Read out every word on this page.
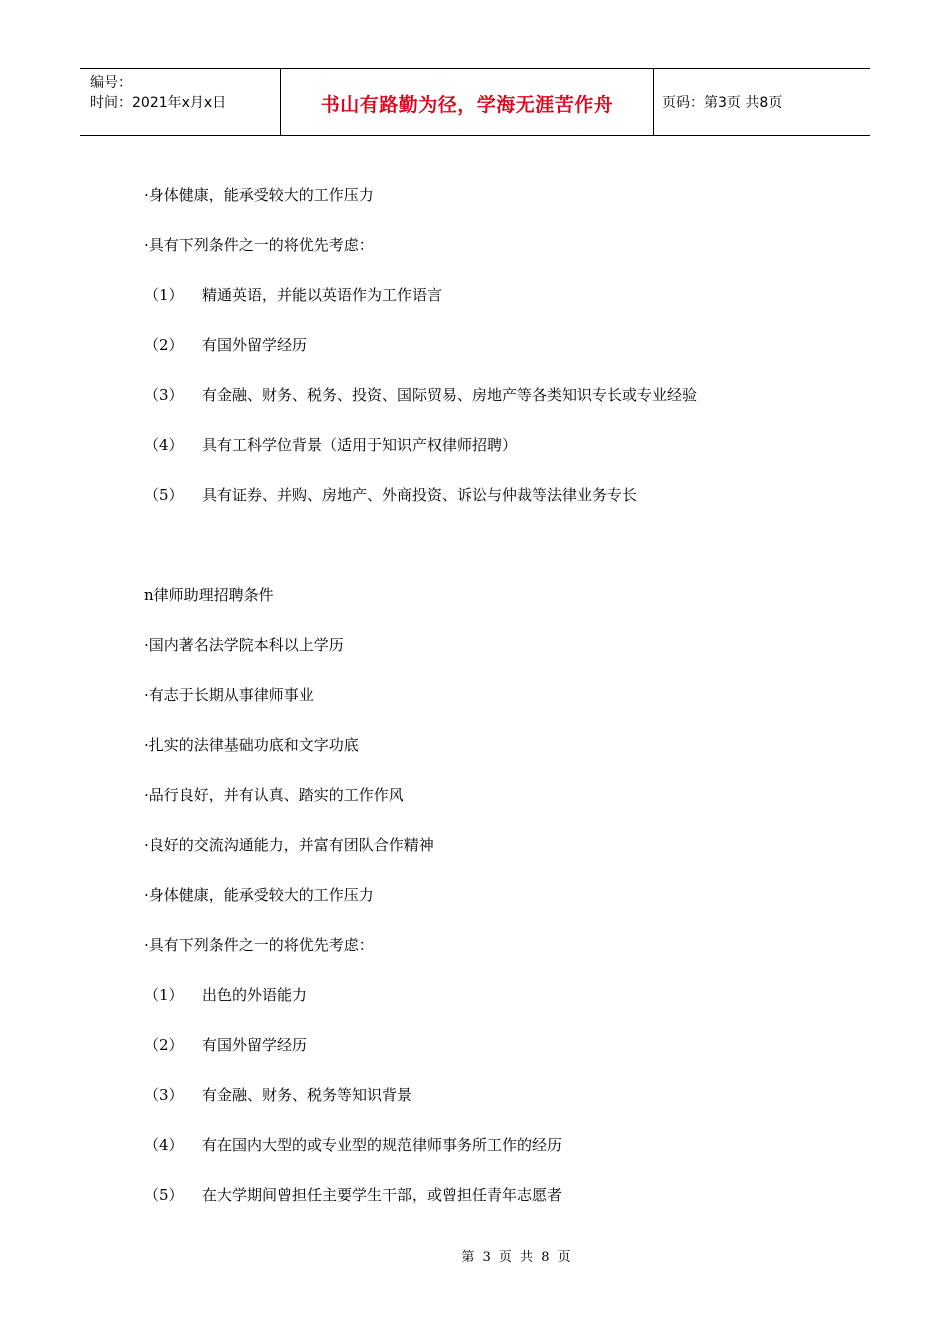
编号：
时间：2021年x月x日	书山有路勤为径，学海无涯苦作舟	页码：第3页 共8页
·身体健康，能承受较大的工作压力
·具有下列条件之一的将优先考虑：
（1） 精通英语，并能以英语作为工作语言
（2） 有国外留学经历
（3） 有金融、财务、税务、投资、国际贸易、房地产等各类知识专长或专业经验
（4） 具有工科学位背景（适用于知识产权律师招聘）
（5） 具有证券、并购、房地产、外商投资、诉讼与仲裁等法律业务专长
n律师助理招聘条件
·国内著名法学院本科以上学历
·有志于长期从事律师事业
·扎实的法律基础功底和文字功底
·品行良好，并有认真、踏实的工作作风
·良好的交流沟通能力，并富有团队合作精神
·身体健康，能承受较大的工作压力
·具有下列条件之一的将优先考虑：
（1） 出色的外语能力
（2） 有国外留学经历
（3） 有金融、财务、税务等知识背景
（4） 有在国内大型的或专业型的规范律师事务所工作的经历
（5） 在大学期间曾担任主要学生干部，或曾担任青年志愿者
第 3 页 共 8 页
